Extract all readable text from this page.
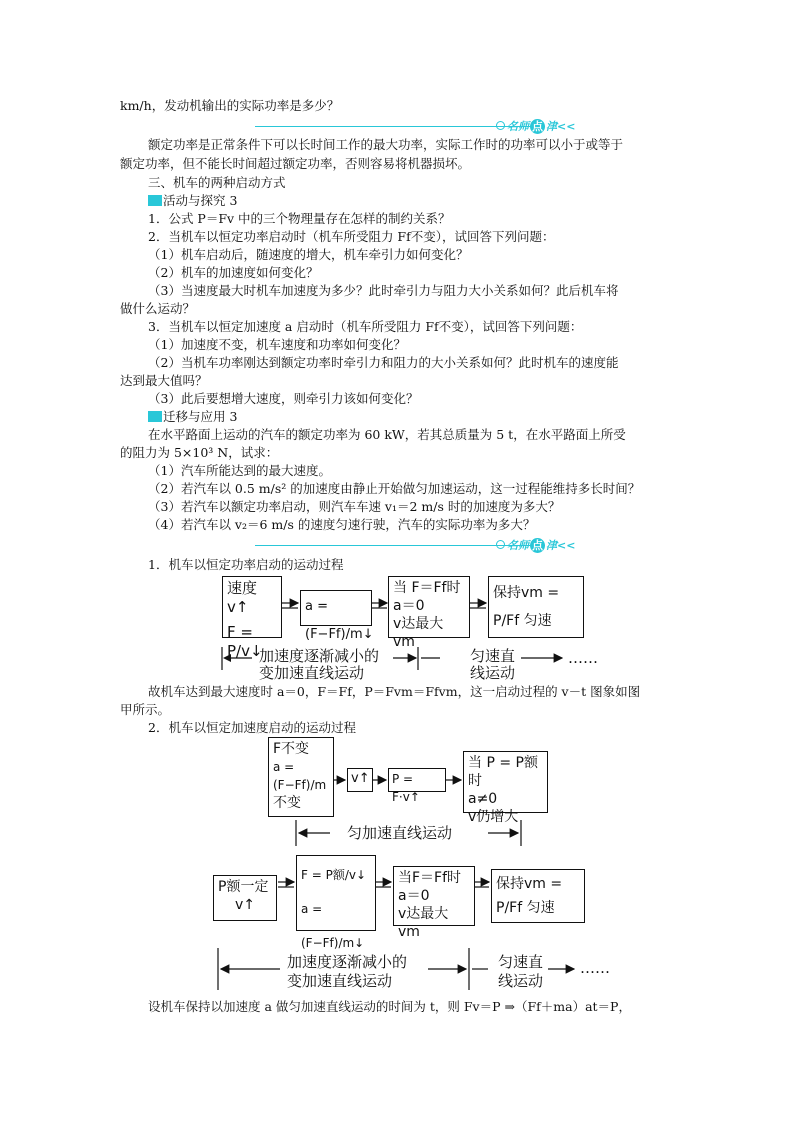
km/h，发动机输出的实际功率是多少？
名师 点 津<<
额定功率是正常条件下可以长时间工作的最大功率，实际工作时的功率可以小于或等于
额定功率，但不能长时间超过额定功率，否则容易将机器损坏。
三、机车的两种启动方式
活动与探究 3
1．公式 P＝Fv 中的三个物理量存在怎样的制约关系？
2．当机车以恒定功率启动时（机车所受阻力 Ff不变），试回答下列问题：
（1）机车启动后，随速度的增大，机车牵引力如何变化？
（2）机车的加速度如何变化？
（3）当速度最大时机车加速度为多少？此时牵引力与阻力大小关系如何？此后机车将
做什么运动？
3．当机车以恒定加速度 a 启动时（机车所受阻力 Ff不变），试回答下列问题：
（1）加速度不变，机车速度和功率如何变化？
（2）当机车功率刚达到额定功率时牵引力和阻力的大小关系如何？此时机车的速度能
达到最大值吗？
（3）此后要想增大速度，则牵引力该如何变化？
迁移与应用 3
在水平路面上运动的汽车的额定功率为 60 kW，若其总质量为 5 t，在水平路面上所受
的阻力为 5×10³ N，试求：
（1）汽车所能达到的最大速度。
（2）若汽车以 0.5 m/s² 的加速度由静止开始做匀加速运动，这一过程能维持多长时间？
（3）若汽车以额定功率启动，则汽车车速 v₁＝2 m/s 时的加速度为多大？
（4）若汽车以 v₂＝6 m/s 的速度匀速行驶，汽车的实际功率为多大？
名师 点 津<<
1．机车以恒定功率启动的运动过程
速度v↑
F = P/v↓
a = (F−Ff)/m↓
当 F＝Ff时
a＝0
v达最大vm
保持vm = P/Ff 匀速
加速度逐渐减小的
变加速直线运动
匀速直
线运动
……
故机车达到最大速度时 a＝0，F＝Ff，P＝Fvm＝Ffvm，这一启动过程的 v－t 图象如图
甲所示。
2．机车以恒定加速度启动的运动过程
F不变
a = (F−Ff)/m
不变
v↑ P = F·v↑
当 P = P额时
a≠0
v仍增大
匀加速直线运动
P额一定
v↑
F = P额/v↓
a = (F−Ff)/m↓
当F＝Ff时
a＝0
v达最大vm
保持vm = P/Ff 匀速
加速度逐渐减小的
变加速直线运动
匀速直
线运动
……
设机车保持以加速度 a 做匀加速直线运动的时间为 t，则 Fv＝P ⇒（Ff＋ma）at＝P，
